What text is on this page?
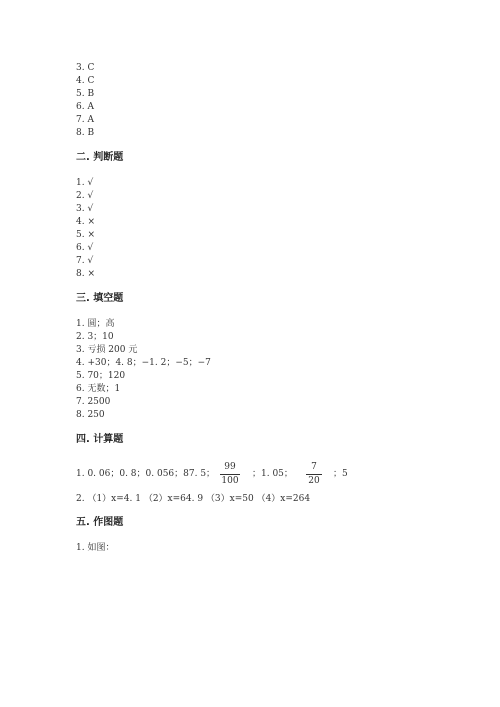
3. C
4. C
5. B
6. A
7. A
8. B
二. 判断题
1. √
2. √
3. √
4. ×
5. ×
6. √
7. √
8. ×
三. 填空题
1. 圆；高
2. 3；10
3. 亏损 200 元
4. +30；4. 8；−1. 2；−5；−7
5. 70；120
6. 无数；1
7. 2500
8. 250
四. 计算题
1. 0. 06；0. 8；0. 056；87. 5；
99
100
；1. 05；
7
20
；5
2. （1）x=4. 1 （2）x=64. 9 （3）x=50 （4）x=264
五. 作图题
1. 如图：
